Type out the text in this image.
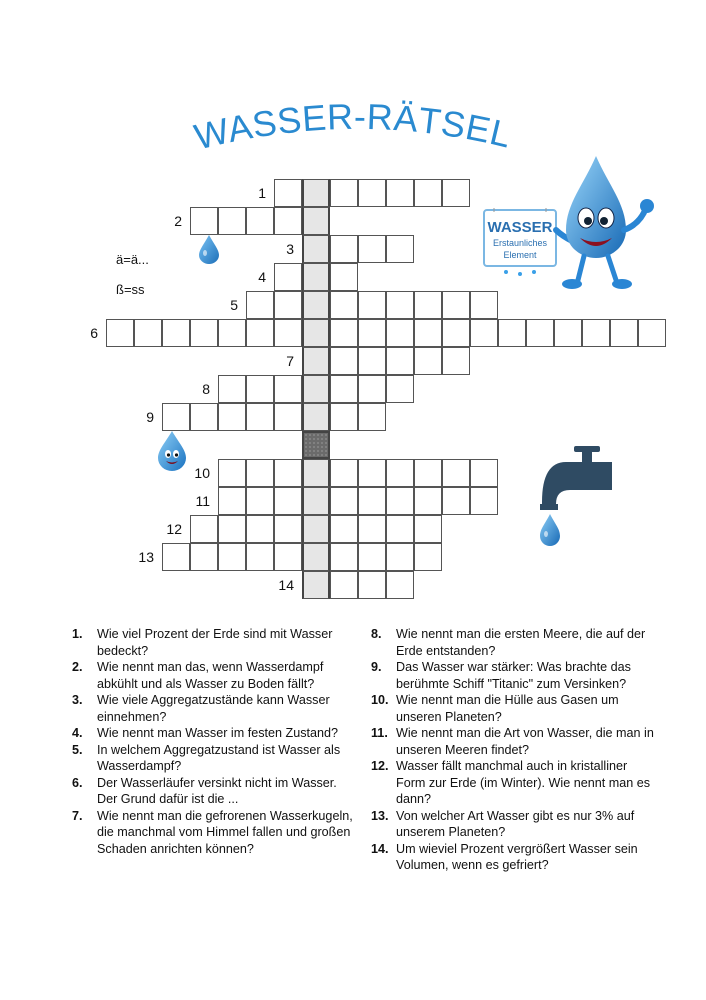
WASSER-RÄTSEL
1
2
3
4
5
6
7
8
9
10
11
12
13
14
ä=ä...
ß=ss
WASSER
Erstaunliches
Element
1.	Wie viel Prozent der Erde sind mit Wasser bedeckt?
2.	Wie nennt man das, wenn Wasserdampf abkühlt und als Wasser zu Boden fällt?
3.	Wie viele Aggregatzustände kann Wasser einnehmen?
4.	Wie nennt man Wasser im festen Zustand?
5.	In welchem Aggregatzustand ist Wasser als Wasserdampf?
6.	Der Wasserläufer versinkt nicht im Wasser. Der Grund dafür ist die ...
7.	Wie nennt man die gefrorenen Wasserkugeln, die manchmal vom Himmel fallen und großen Schaden anrichten können?
8.	Wie nennt man die ersten Meere, die auf der Erde entstanden?
9.	Das Wasser war stärker: Was brachte das berühmte Schiff "Titanic" zum Versinken?
10. Wie nennt man die Hülle aus Gasen um unseren Planeten?
11. Wie nennt man die Art von Wasser, die man in unseren Meeren findet?
12. Wasser fällt manchmal auch in kristalliner Form zur Erde (im Winter). Wie nennt man es dann?
13. Von welcher Art Wasser gibt es nur 3% auf unserem Planeten?
14. Um wieviel Prozent vergrößert Wasser sein Volumen, wenn es gefriert?
